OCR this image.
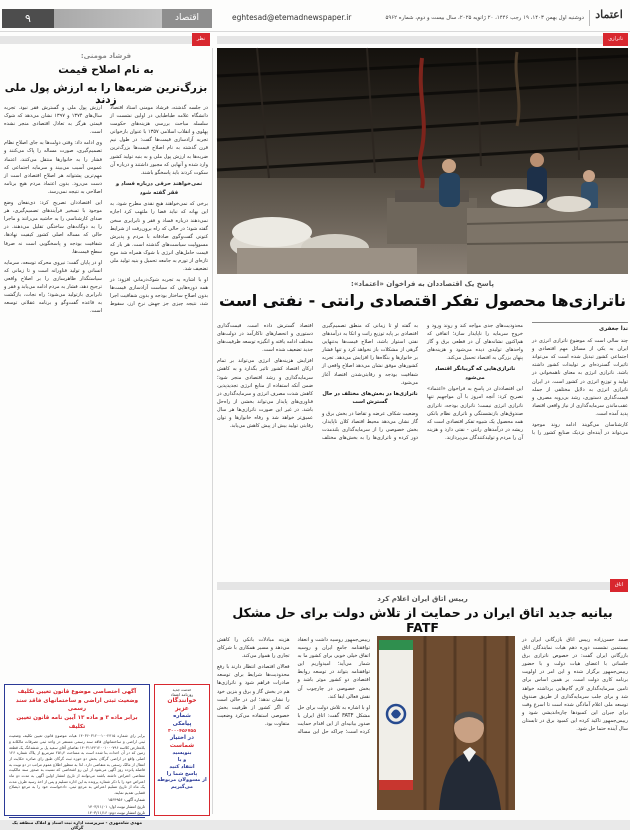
اعتماد
دوشنبه اول بهمن ۱۴۰۳، ۱۹ رجب ۱۴۴۶، ۲۰ ژانویه ۲۰۲۵، سال بیست و دوم، شماره ۵۹۶۲
eghtesad@etemadnewspaper.ir
اقتصاد
۹
ناترازی
نظر
فرشاد مومنی:
به نام اصلاح قیمت
بزرگ‌ترین ضربه‌ها را به ارزش پول ملی زدند

در جلسه گذشته، فرشاد مومنی استاد اقتصاد دانشگاه علامه طباطبایی در اولین نشست از سلسله مباحث بررسی هزینه‌های حکومت پهلوی و انقلاب اسلامی ۱۳۵۷ با عنوان بازخوانی تجربه آزادسازی قیمت‌ها گفت: در طول نیم قرن گذشته به نام اصلاح قیمت‌ها بزرگ‌ترین ضربه‌ها به ارزش پول ملی و به بنیه تولید کشور وارد شده و آنهایی که مجبور داشتند و درباره آن سکوت کردند باید پاسخگو باشند.

نمی‌خواهند حرفی درباره فساد و فقر گفته شود

برخی که نمی‌خواهند هیچ نقدی مطرح شود، به این بهانه که نباید فضا را ملتهب کرد اجازه نمی‌دهند درباره فساد و فقر و نابرابری سخن گفته شود؛ در حالی که راه برون‌رفت از شرایط کنونی گفت‌وگوی صادقانه با مردم و پذیرش مسوولیت سیاست‌های گذشته است. هر بار که قیمت حامل‌های انرژی با شوک همراه شد موج تازه‌ای از تورم به جامعه تحمیل و بنیه تولید ملی تضعیف شد.

او با اشاره به تجربه شوک‌درمانی افزود: در همه دوره‌هایی که سیاست آزادسازی قیمت‌ها بدون اصلاح ساختار بودجه و بدون شفافیت اجرا شد، نتیجه چیزی جز جهش نرخ ارز، سقوط ارزش پول ملی و گسترش فقر نبود. تجربه سال‌های ۱۳۷۴ و ۱۳۹۷ نشان می‌دهد که شوک قیمتی هرگز به تعادل اقتصادی منجر نشده است.

وی ادامه داد: وقتی دولت‌ها به جای اصلاح نظام تصمیم‌گیری، صورت مساله را پاک می‌کنند و فشار را به خانوارها منتقل می‌کنند، اعتماد عمومی آسیب می‌بیند و سرمایه اجتماعی که مهم‌ترین پشتوانه هر اصلاح اقتصادی است از دست می‌رود. بدون اعتماد مردم هیچ برنامه اصلاحی به نتیجه نمی‌رسد.

این اقتصاددان تصریح کرد: ذی‌نفعان وضع موجود با تسخیر فرآیندهای تصمیم‌گیری، هر صدای کارشناسی را به حاشیه می‌رانند و ماجرا را به دوگانه‌های ساختگی تقلیل می‌دهند. در حالی که مساله اصلی کشور کیفیت نهادها، شفافیت بودجه و پاسخگویی است نه صرفا سطح قیمت‌ها.

او در پایان گفت: نیروی محرکه توسعه، سرمایه انسانی و تولید فناورانه است و تا زمانی که سیاستگذار ظاهرسازی را بر اصلاح واقعی ترجیح دهد، فشار به مردم ادامه می‌یابد و فقر و نابرابری بازتولید می‌شود؛ راه نجات، بازگشت به قاعده گفت‌وگو و برنامه عقلانی توسعه است.

آگهی اختصاصی موضوع قانون تعیین تکلیف
وضعیت ثبتی اراضی و ساختمانهای فاقد سند رسمی
برابر ماده ۳ و ماده ۱۳ آیین نامه قانون تعیین تکلیف
برابر رای شماره ۱۴۰۳۶۰۳۱۲۰۰۱۰۰۲۴۱۵ هیات موضوع قانون تعیین تکلیف وضعیت ثبتی اراضی و ساختمانهای فاقد سند رسمی مستقر در واحد ثبتی تصرفات مالکانه و بلامعارض کلاسه ۱۴۰۳۱۱۴۴۱۲۰۰۱۰۰۰۷۹۶ تقاضای آقای سعید پل بر ششدانگ یک قطعه زمین که در آن احداث بنا شده است به مساحت ۲۵۱٫۴ مترمربع از پلاک شماره ۱۲۶ اصلی واقع در اراضی گرگان بخش دو حوزه ثبت گرگان طبق رای صادره حکایت از انتقال از مالک رسمی به متقاضی دارد. لذا به منظور اطلاع عموم مراتب در دو نوبت به فاصله پانزده روز آگهی می‌شود از این رو اشخاصی که نسبت به صدور سند مالکیت متقاضی اعتراض داشته باشند می‌توانند از تاریخ انتشار اولین آگهی به مدت دو ماه اعتراض خود را با ذکر شماره پرونده به این اداره تسلیم و پس از اخذ رسید ظرف مدت یک ماه از تاریخ تسلیم اعتراض به مرجع ثبتی، دادخواست خود را به مرجع ذیصلاح قضایی تقدیم نمایند.
شماره آگهی: ۱۵۶۴۹۵۶
تاریخ انتشار نوبت اول: ۱۴۰۳/۱۱/۰۱
تاریخ انتشار نوبت دوم: ۱۴۰۳/۱۱/۱۶
مهدی شاه‌مهری - سرپرست اداره ثبت اسناد و املاک منطقه یک گرگان
خدمت جدید
روزنامه اعتماد
خوانندگان
عزیز
شماره
پیامکی
۳۰۰۰۴۵۶۷۵۵
در اختیار
شماست
بنویسید
و یا
انتقاد کنید
پاسخ شما را
از مسوولان مربوطه
می‌گیریم
پاسخ یک اقتصاددان به فراخوان «اعتماد»:
ناترازی‌ها محصول تفکر اقتصادی رانتی - نفتی است
ندا جعفری

چند سالی است که موضوع ناترازی انرژی در ایران به یکی از مسائل مهم اقتصادی و اجتماعی کشور تبدیل شده است که می‌تواند تاثیرات گسترده‌ای بر تولیدات کشور داشته باشد. ناترازی انرژی به معنای ناهمخوانی در تولید و توزیع انرژی در کشور است. در ایران ناترازی انرژی به دلایل مختلفی از جمله قیمت‌گذاری دستوری، رشد بی‌رویه مصرف و عقب‌ماندن سرمایه‌گذاری از نیاز واقعی اقتصاد پدید آمده است.

کارشناسان می‌گویند ادامه روند موجود می‌تواند در آینده‌ای نزدیک صنایع کشور را با محدودیت‌های جدی مواجه کند و روند ورود و خروج سرمایه را ناپایدار سازد؛ اتفاقی که هم‌اکنون نشانه‌های آن در قطعی برق و گاز واحدهای تولیدی دیده می‌شود و هزینه‌های پنهان بزرگی به اقتصاد تحمیل می‌کند.

ناترازی‌هایی که گریبانگر اقتصاد می‌شود

این اقتصاددان در پاسخ به فراخوان «اعتماد» تصریح کرد: آنچه امروز با آن مواجهیم تنها ناترازی انرژی نیست؛ ناترازی بودجه، ناترازی صندوق‌های بازنشستگی و ناترازی نظام بانکی همه محصول یک شیوه تفکر اقتصادی است که ریشه در درآمدهای رانتی - نفتی دارد و هزینه آن را مردم و تولیدکنندگان می‌پردازند.

به گفته او تا زمانی که منطق تصمیم‌گیری اقتصادی بر پایه توزیع رانت و اتکا به درآمدهای نفتی استوار باشد، اصلاح قیمت‌ها به‌تنهایی گرهی از مشکلات باز نخواهد کرد و تنها فشار بر خانوارها و بنگاه‌ها را افزایش می‌دهد. تجربه کشورهای موفق نشان می‌دهد اصلاح واقعی از شفافیت بودجه و رقابتی‌شدن اقتصاد آغاز می‌شود.

ناترازی‌ها در بخش‌های مختلف در حال گسترش است

وضعیت شکاف عرضه و تقاضا در بخش برق و گاز نشان می‌دهد محیط اقتصاد کلان ناپایدار، بخش خصوصی را از سرمایه‌گذاری بلندمدت دور کرده و ناترازی‌ها را به بخش‌های مختلف اقتصاد گسترش داده است. قیمت‌گذاری دستوری و انحصارهای ناکارآمد در دولت‌های مختلف ادامه یافته و انگیزه توسعه ظرفیت‌های جدید تضعیف شده است.

افزایش هزینه‌های انرژی می‌تواند بر تمام ارکان اقتصاد کشور تاثیر بگذارد و به کاهش سرمایه‌گذاری و رشد اقتصادی منجر شود؛ ضمن آنکه استفاده از منابع انرژی تجدیدپذیر، کاهش شدت مصرف انرژی و سرمایه‌گذاری در فناوری‌های پایدار می‌تواند بخشی از راه‌حل باشد. در غیر این صورت ناترازی‌ها هر سال عمیق‌تر خواهد شد و رفاه خانوارها و توان رقابتی تولید بیش از پیش کاهش می‌یابد.

اتاق
رییس اتاق ایران اعلام کرد
بیانیه جدید اتاق ایران در حمایت از تلاش دولت برای حل مشکل FATF

صمد حسن‌زاده رییس اتاق بازرگانی ایران در بیستمین نشست دوره دهم هیات نمایندگان اتاق بازرگانی ایران گفت: در خصوص ناترازی برق جلساتی با اعضای هیات دولت و با حضور رییس‌جمهور برگزار شده و این امر در اولویت برنامه کاری دولت است. بر همین اساس برای تامین سرمایه‌گذاری لازم گام‌هایی برداشته خواهد شد و برای جلب سرمایه‌گذاری از طریق صندوق توسعه ملی اعلام آمادگی شده است تا اسرع وقت برای جبران این کمبودها چاره‌اندیشی شود و رییس‌جمهور تاکید کرده این کمبود برق در تابستان سال آینده حتما حل شود.

رییس‌جمهور روسیه داشت و انعقاد توافقنامه جامع ایران و روسیه اتفاق خیلی خوبی برای کشور ما به شمار می‌آید؛ امیدواریم این توافقنامه بتواند در توسعه روابط اقتصادی دو کشور موثر باشد و بخش خصوصی در چارچوب آن نقش فعالی ایفا کند.

او با اشاره به تلاش دولت برای حل مشکل FATF گفت: اتاق ایران با صدور بیانیه‌ای از این اقدام حمایت کرده است؛ چراکه حل این مساله هزینه مبادلات بانکی را کاهش می‌دهد و مسیر همکاری با شرکای تجاری را هموار می‌کند.

فعالان اقتصادی انتظار دارند با رفع محدودیت‌ها شرایط برای توسعه صادرات فراهم شود و ناترازی‌ها هم در بخش گاز و برق و بنزین خود را نشان ندهد؛ این در حالی است که اگر کشور از ظرفیت بخش خصوصی استفاده می‌کرد وضعیت متفاوت بود.
